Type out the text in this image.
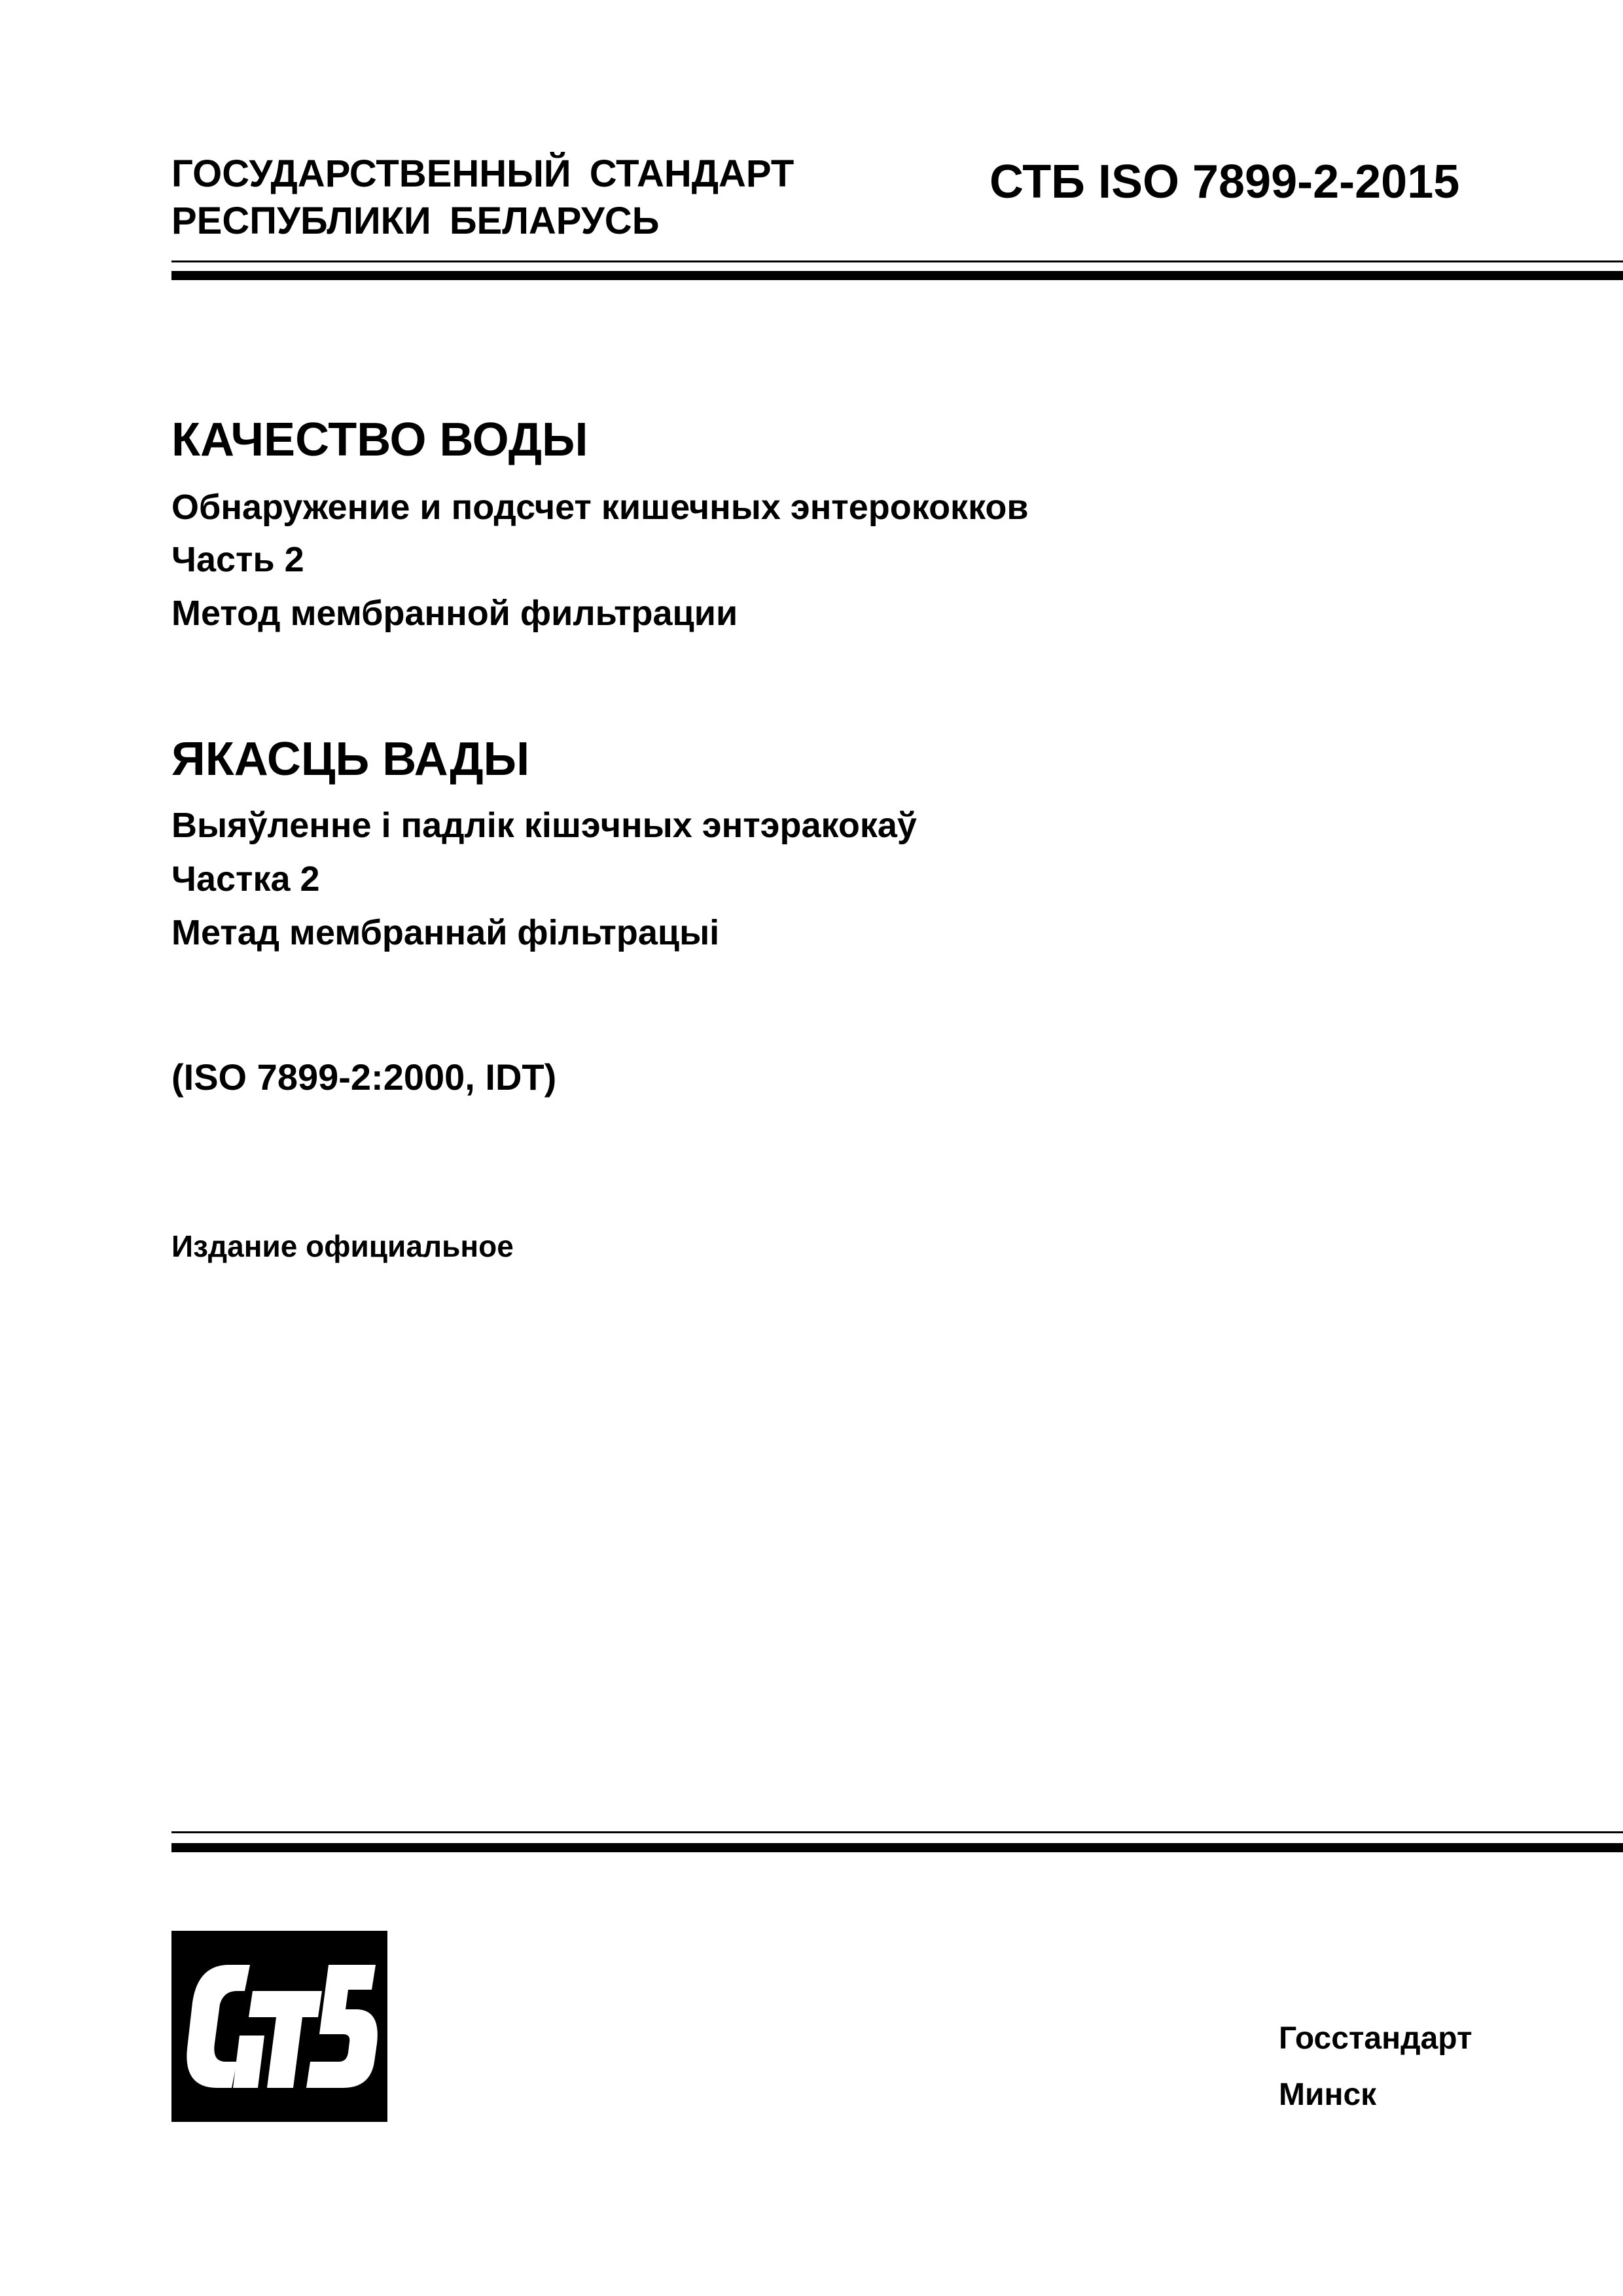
ГОСУДАРСТВЕННЫЙ СТАНДАРТ
РЕСПУБЛИКИ БЕЛАРУСЬ
СТБ ISO 7899-2-2015
КАЧЕСТВО ВОДЫ
Обнаружение и подсчет кишечных энтерококков
Часть 2
Метод мембранной фильтрации
ЯКАСЦЬ ВАДЫ
Выяўленне і падлік кішэчных энтэракокаў
Частка 2
Метад мембраннай фільтрацыі
(ISO 7899-2:2000, IDT)
Издание официальное
Госстандарт
Минск
